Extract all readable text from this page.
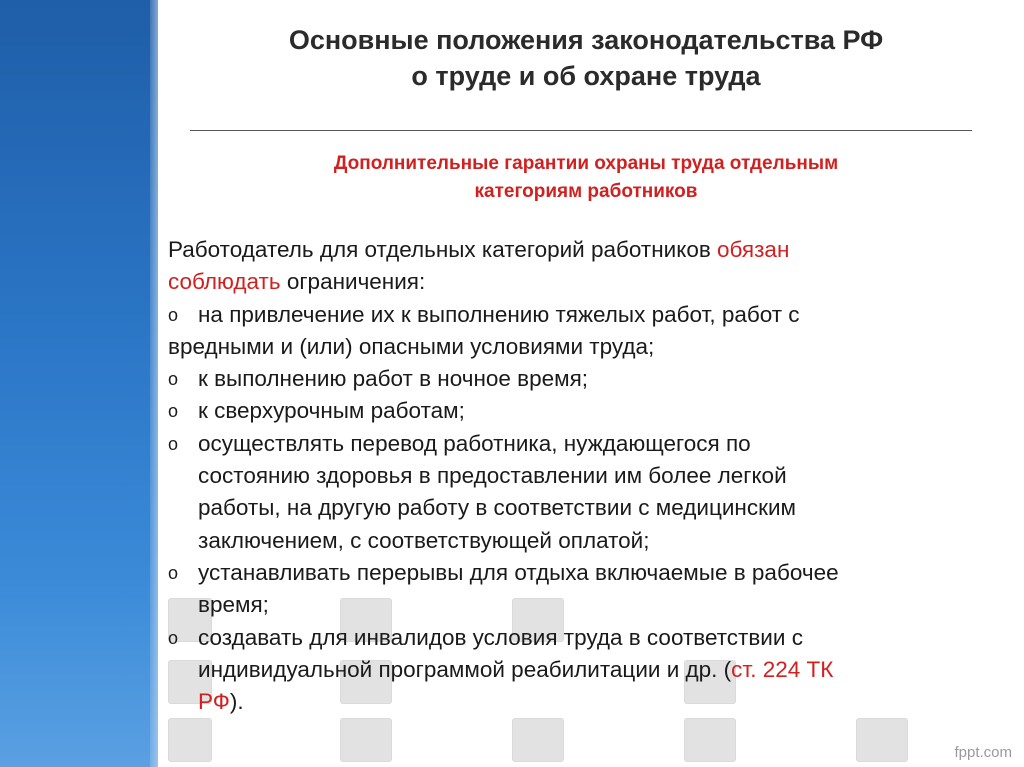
Основные положения законодательства РФ
о труде и об охране труда
Дополнительные гарантии охраны труда отдельным
категориям работников
Работодатель для отдельных категорий работников обязан
соблюдать ограничения:
o на привлечение их к выполнению тяжелых работ, работ с
вредными и (или) опасными условиями труда;
o к выполнению работ в ночное время;
o к сверхурочным работам;
o осуществлять перевод работника, нуждающегося по
состоянию здоровья в предоставлении им более легкой
работы, на другую работу в соответствии с медицинским
заключением, с соответствующей оплатой;
o устанавливать перерывы для отдыха включаемые в рабочее
время;
o создавать для инвалидов условия труда в соответствии с
индивидуальной программой реабилитации и др. (ст. 224 ТК
РФ).
fppt.com
